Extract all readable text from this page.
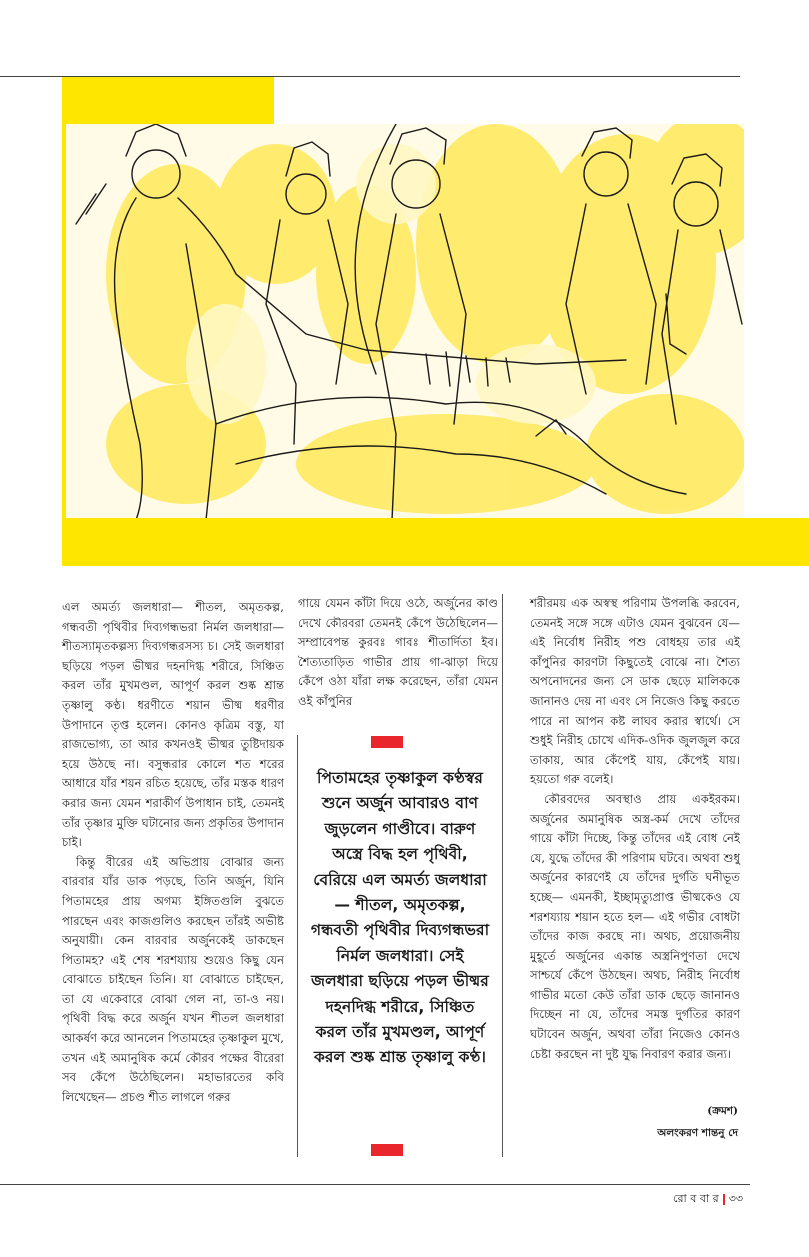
এল অমর্ত্য জলধারা— শীতল, অমৃতকল্প, গন্ধবতী পৃথিবীর দিব্যগন্ধভরা নির্মল জলধারা— শীতস্যামৃতকল্পস্য দিব্যগন্ধরসস্য চ। সেই জলধারা ছড়িয়ে পড়ল ভীষ্মর দহনদিগ্ধ শরীরে, সিঞ্চিত করল তাঁর মুখমণ্ডল, আপূর্ণ করল শুষ্ক শ্রান্ত তৃষ্ণালু কণ্ঠ। ধরণীতে শয়ান ভীষ্ম ধরণীর উপাদানে তৃপ্ত হলেন। কোনও কৃত্রিম বস্তু, যা রাজভোগ্য, তা আর কখনওই ভীষ্মর তুষ্টিদায়ক হয়ে উঠছে না। বসুন্ধরার কোলে শত শরের আধারে যাঁর শয়ন রচিত হয়েছে, তাঁর মস্তক ধারণ করার জন্য যেমন শরাকীর্ণ উপাধান চাই, তেমনই তাঁর তৃষ্ণার মুক্তি ঘটানোর জন্য প্রকৃতির উপাদান চাই।

কিন্তু বীরের এই অভিপ্রায় বোঝার জন্য বারবার যাঁর ডাক পড়ছে, তিনি অর্জুন, যিনি পিতামহের প্রায় অগম্য ইঙ্গিতগুলি বুঝতে পারছেন এবং কাজগুলিও করছেন তাঁরই অভীষ্ট অনুযায়ী। কেন বারবার অর্জুনকেই ডাকছেন পিতামহ? এই শেষ শরশয্যায় শুয়েও কিছু যেন বোঝাতে চাইছেন তিনি। যা বোঝাতে চাইছেন, তা যে একেবারে বোঝা গেল না, তা-ও নয়। পৃথিবী বিদ্ধ করে অর্জুন যখন শীতল জলধারা আকর্ষণ করে আনলেন পিতামহের তৃষ্ণাকুল মুখে, তখন এই অমানুষিক কর্মে কৌরব পক্ষের বীরেরা সব কেঁপে উঠেছিলেন। মহাভারতের কবি লিখেছেন— প্রচণ্ড শীত লাগলে গরুর

গায়ে যেমন কাঁটা দিয়ে ওঠে, অর্জুনের কাণ্ড দেখে কৌরবরা তেমনই কেঁপে উঠেছিলেন— সম্প্রাবেপন্ত কুরবঃ গাবঃ শীতার্দিতা ইব। শৈত্যতাড়িত গাভীর প্রায় গা-ঝাড়া দিয়ে কেঁপে ওঠা যাঁরা লক্ষ করেছেন, তাঁরা যেমন ওই কাঁপুনির

শরীরময় এক অস্বস্থ পরিণাম উপলব্ধি করবেন, তেমনই সঙ্গে সঙ্গে এটাও যেমন বুঝবেন যে— এই নির্বোধ নিরীহ পশু বোধহয় তার এই কাঁপুনির কারণটা কিছুতেই বোঝে না। শৈত্য অপনোদনের জন্য সে ডাক ছেড়ে মালিককে জানানও দেয় না এবং সে নিজেও কিছু করতে পারে না আপন কষ্ট লাঘব করার স্বার্থে। সে শুধুই নিরীহ চোখে এদিক-ওদিক জুলজুল করে তাকায়, আর কেঁপেই যায়, কেঁপেই যায়। হয়তো গরু বলেই।

কৌরবদের অবস্থাও প্রায় একইরকম। অর্জুনের অমানুষিক অস্ত্র-কর্ম দেখে তাঁদের গায়ে কাঁটা দিচ্ছে, কিন্তু তাঁদের এই বোধ নেই যে, যুদ্ধে তাঁদের কী পরিণাম ঘটবে। অথবা শুধু অর্জুনের কারণেই যে তাঁদের দুর্গতি ঘনীভূত হচ্ছে— এমনকী, ইচ্ছামৃত্যুপ্রাপ্ত ভীষ্মকেও যে শরশয্যায় শয়ান হতে হল— এই গভীর বোধটা তাঁদের কাজ করছে না। অথচ, প্রয়োজনীয় মুহূর্তে অর্জুনের একান্ত অস্ত্রনিপুণতা দেখে সাশ্চর্যে কেঁপে উঠছেন। অথচ, নিরীহ নির্বোধ গাভীর মতো কেউ তাঁরা ডাক ছেড়ে জানানও দিচ্ছেন না যে, তাঁদের সমস্ত দুর্গতির কারণ ঘটাবেন অর্জুন, অথবা তাঁরা নিজেও কোনও চেষ্টা করছেন না দুষ্ট যুদ্ধ নিবারণ করার জন্য।

পিতামহের তৃষ্ণাকুল কণ্ঠস্বর শুনে অর্জুন আবারও বাণ জুড়লেন গাণ্ডীবে। বারুণ অস্ত্রে বিদ্ধ হল পৃথিবী, বেরিয়ে এল অমর্ত্য জলধারা— শীতল, অমৃতকল্প, গন্ধবতী পৃথিবীর দিব্যগন্ধভরা নির্মল জলধারা। সেই জলধারা ছড়িয়ে পড়ল ভীষ্মর দহনদিগ্ধ শরীরে, সিঞ্চিত করল তাঁর মুখমণ্ডল, আপূর্ণ করল শুষ্ক শ্রান্ত তৃষ্ণালু কণ্ঠ।
(ক্রমশ)
অলংকরণ শান্তনু দে
রো ব বা র ৩৩
